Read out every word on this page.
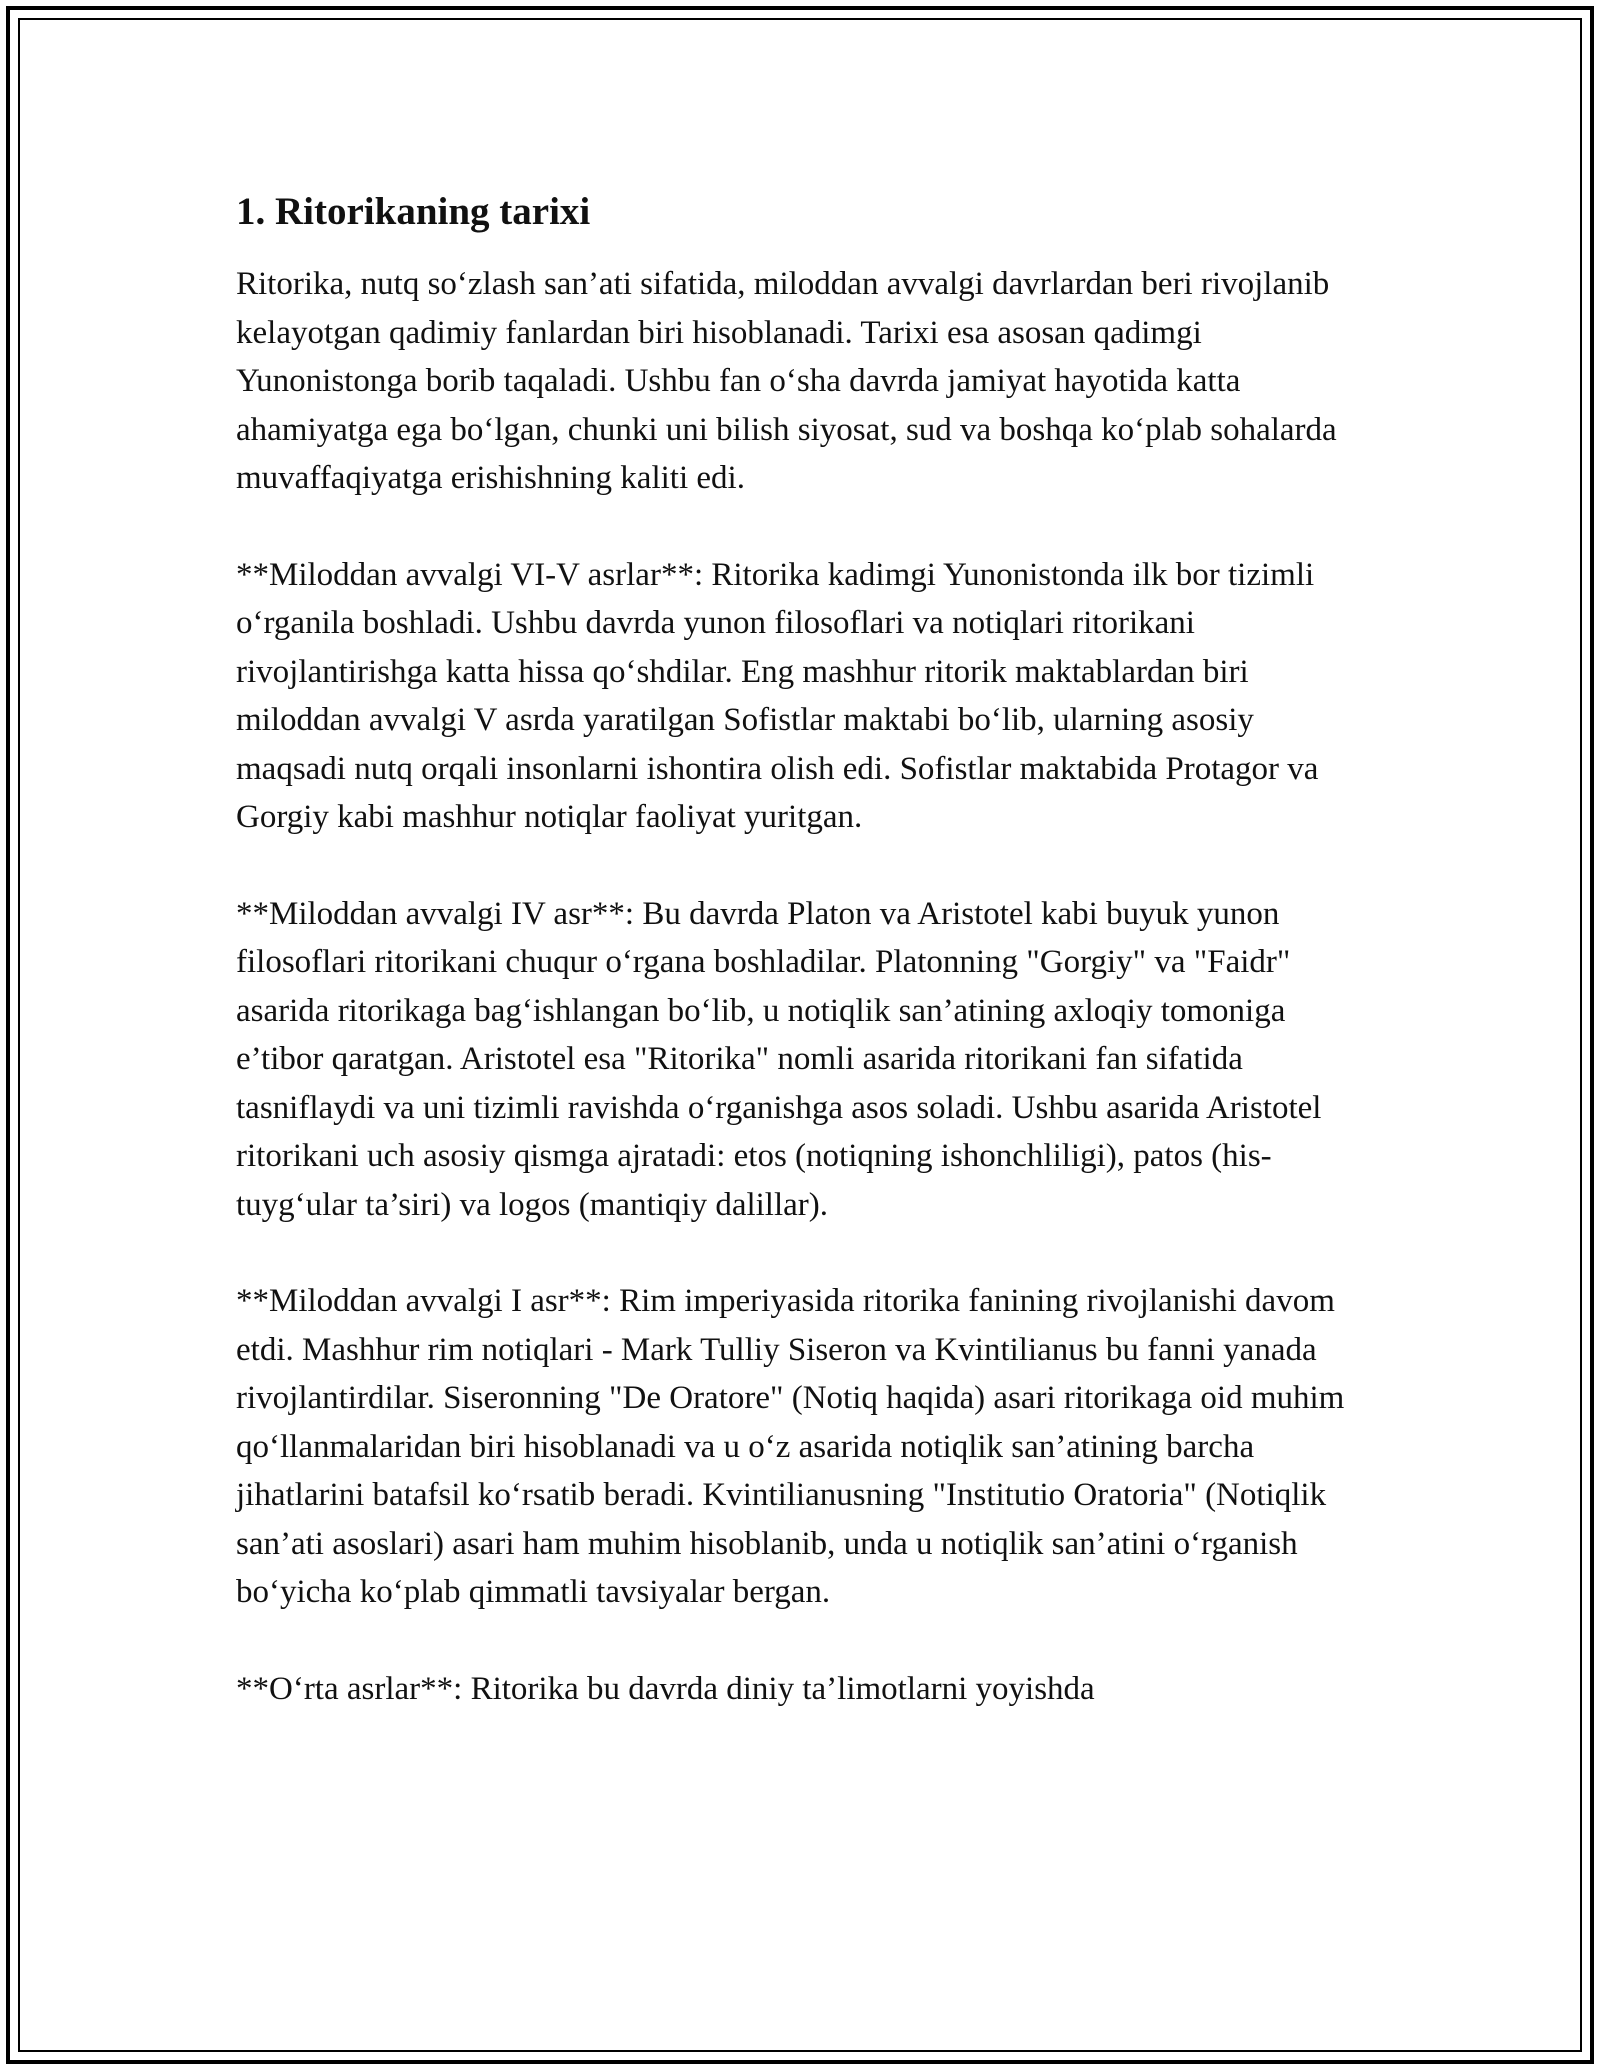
1. Ritorikaning tarixi

Ritorika, nutq so‘zlash san’ati sifatida, miloddan avvalgi davrlardan beri rivojlanib kelayotgan qadimiy fanlardan biri hisoblanadi. Tarixi esa asosan qadimgi Yunonistonga borib taqaladi. Ushbu fan o‘sha davrda jamiyat hayotida katta ahamiyatga ega bo‘lgan, chunki uni bilish siyosat, sud va boshqa ko‘plab sohalarda muvaffaqiyatga erishishning kaliti edi.

**Miloddan avvalgi VI-V asrlar**: Ritorika kadimgi Yunonistonda ilk bor tizimli o‘rganila boshladi. Ushbu davrda yunon filosoflari va notiqlari ritorikani rivojlantirishga katta hissa qo‘shdilar. Eng mashhur ritorik maktablardan biri miloddan avvalgi V asrda yaratilgan Sofistlar maktabi bo‘lib, ularning asosiy maqsadi nutq orqali insonlarni ishontira olish edi. Sofistlar maktabida Protagor va Gorgiy kabi mashhur notiqlar faoliyat yuritgan.

**Miloddan avvalgi IV asr**: Bu davrda Platon va Aristotel kabi buyuk yunon filosoflari ritorikani chuqur o‘rgana boshladilar. Platonning "Gorgiy" va "Faidr" asarida ritorikaga bag‘ishlangan bo‘lib, u notiqlik san’atining axloqiy tomoniga e’tibor qaratgan. Aristotel esa "Ritorika" nomli asarida ritorikani fan sifatida tasniflaydi va uni tizimli ravishda o‘rganishga asos soladi. Ushbu asarida Aristotel ritorikani uch asosiy qismga ajratadi: etos (notiqning ishonchliligi), patos (his-tuyg‘ular ta’siri) va logos (mantiqiy dalillar).

**Miloddan avvalgi I asr**: Rim imperiyasida ritorika fanining rivojlanishi davom etdi. Mashhur rim notiqlari - Mark Tulliy Siseron va Kvintilianus bu fanni yanada rivojlantirdilar. Siseronning "De Oratore" (Notiq haqida) asari ritorikaga oid muhim qo‘llanmalaridan biri hisoblanadi va u o‘z asarida notiqlik san’atining barcha jihatlarini batafsil ko‘rsatib beradi. Kvintilianusning "Institutio Oratoria" (Notiqlik san’ati asoslari) asari ham muhim hisoblanib, unda u notiqlik san’atini o‘rganish bo‘yicha ko‘plab qimmatli tavsiyalar bergan.

**O‘rta asrlar**: Ritorika bu davrda diniy ta’limotlarni yoyishda
